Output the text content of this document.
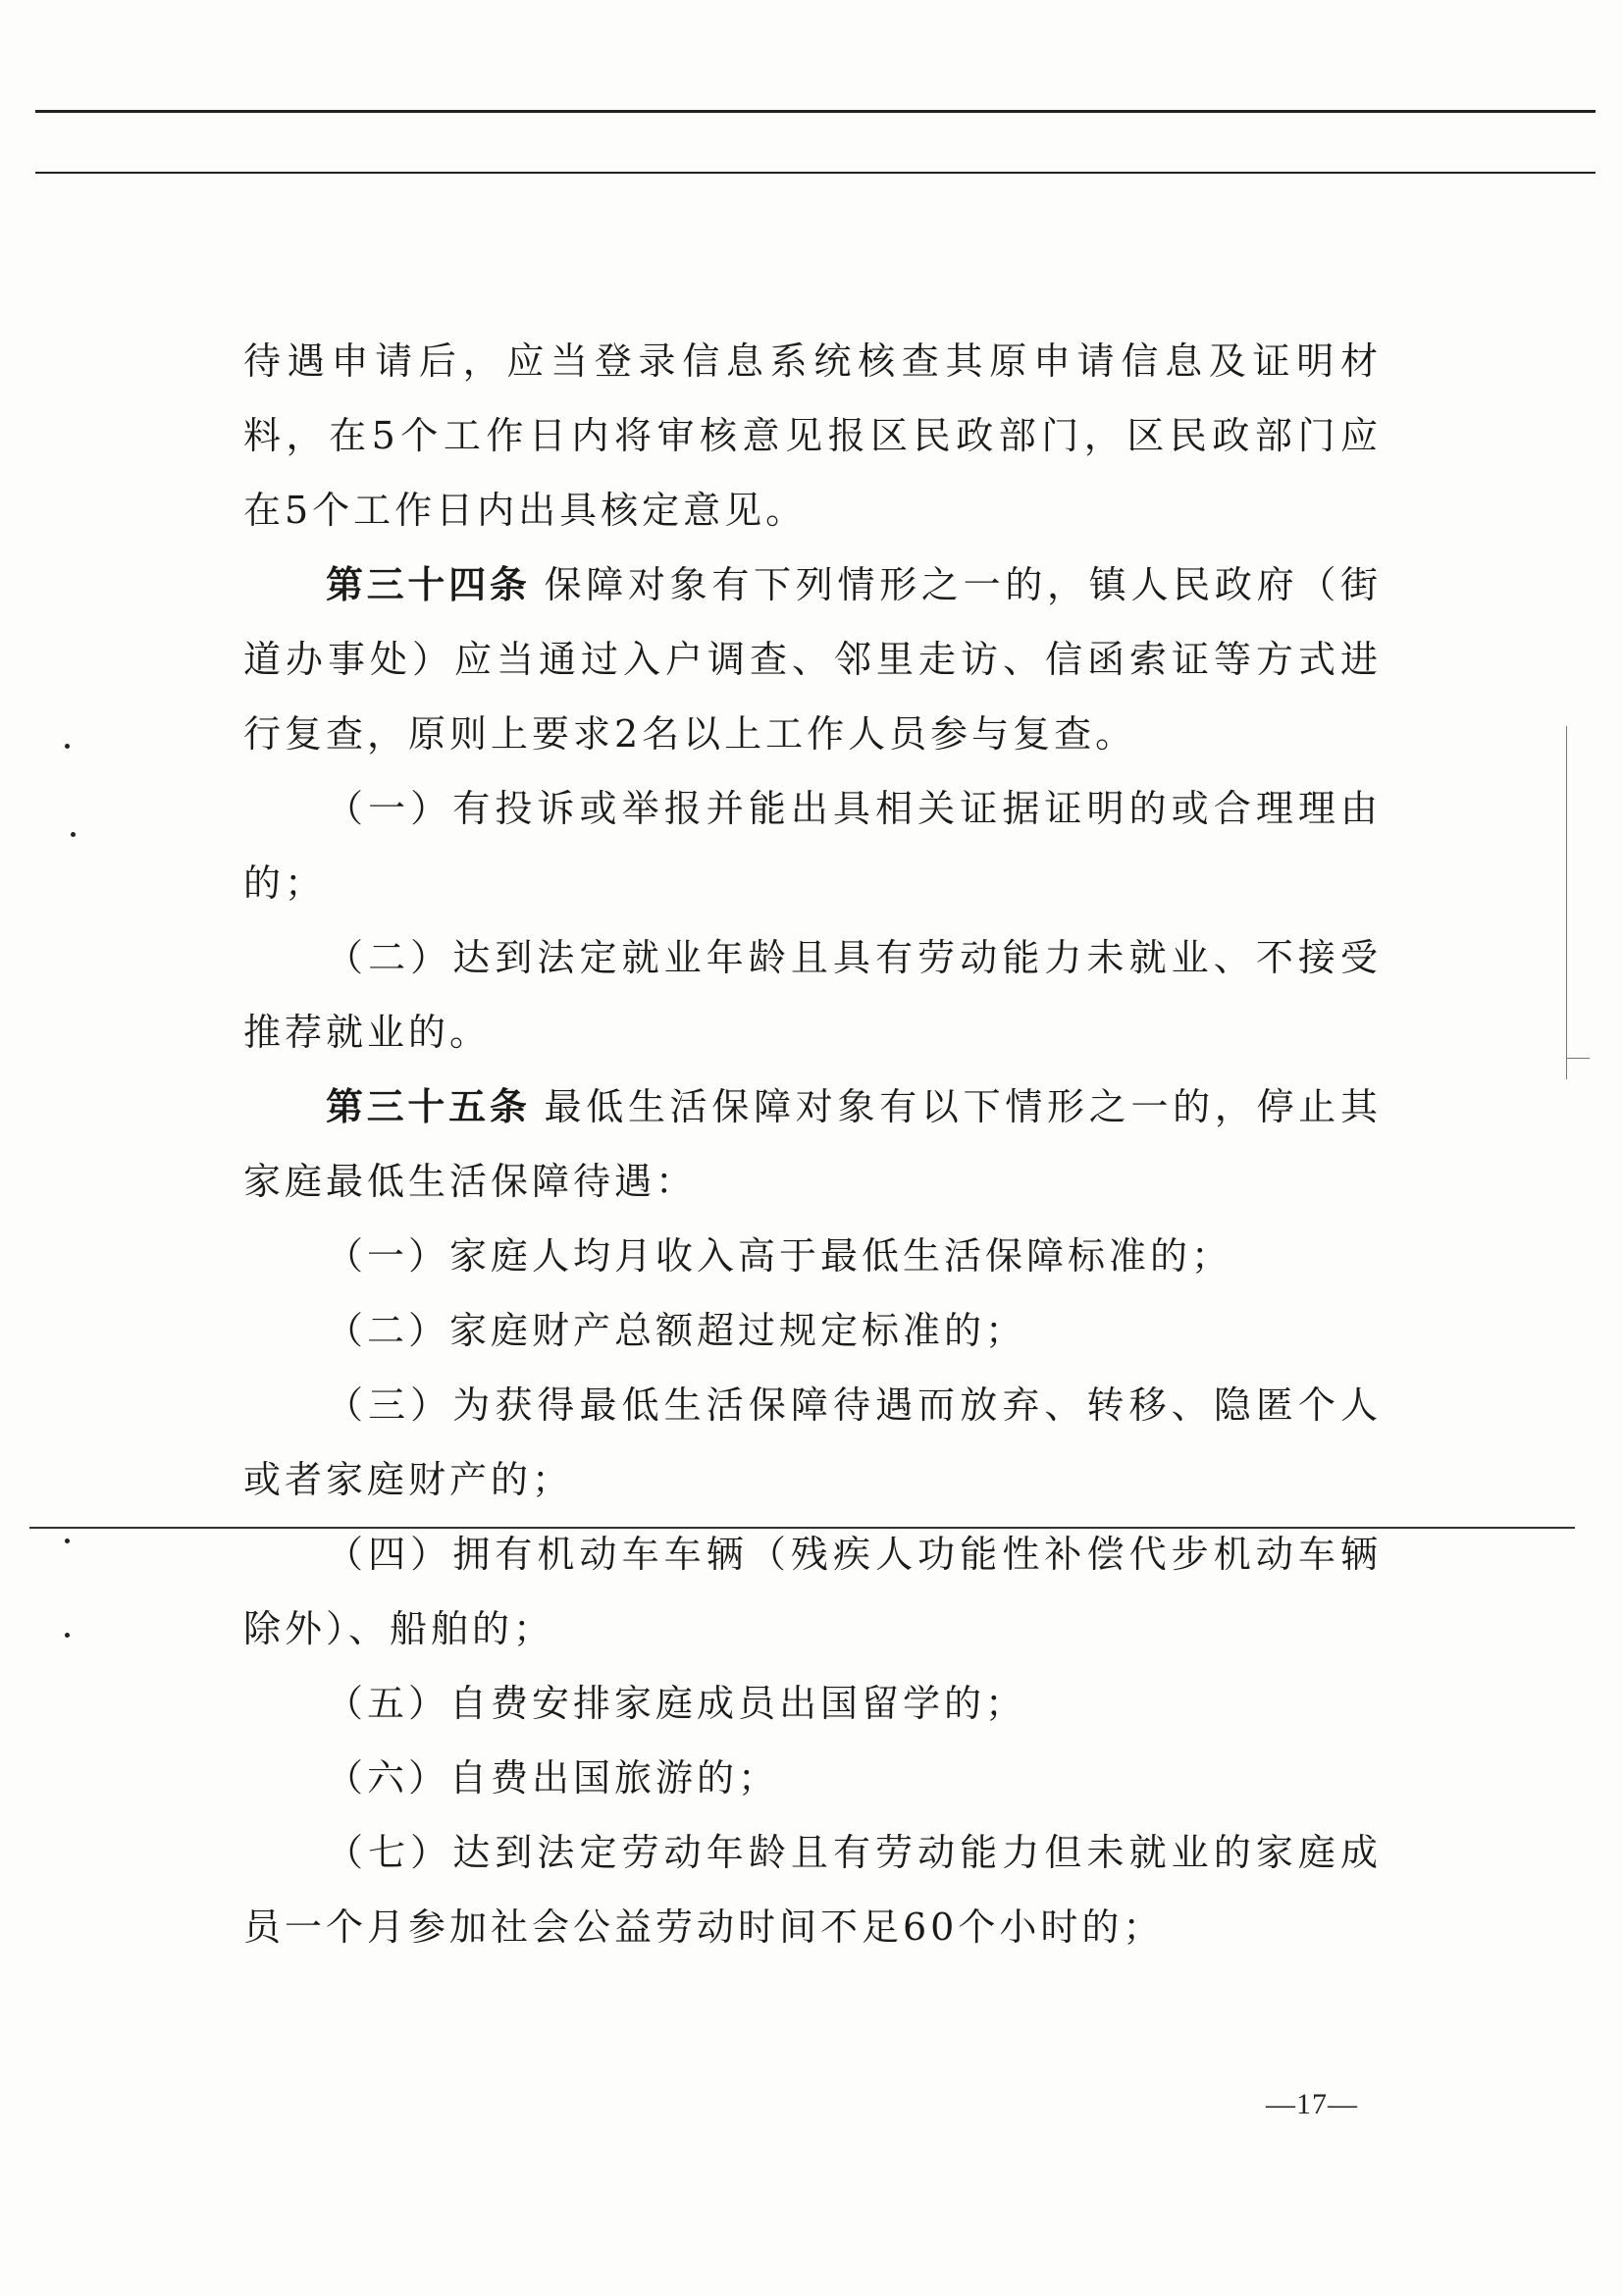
待遇申请后，应当登录信息系统核查其原申请信息及证明材料，在5个工作日内将审核意见报区民政部门，区民政部门应在5个工作日内出具核定意见。

第三十四条 保障对象有下列情形之一的，镇人民政府（街道办事处）应当通过入户调查、邻里走访、信函索证等方式进行复查，原则上要求2名以上工作人员参与复查。

（一）有投诉或举报并能出具相关证据证明的或合理理由的；

（二）达到法定就业年龄且具有劳动能力未就业、不接受推荐就业的。

第三十五条 最低生活保障对象有以下情形之一的，停止其家庭最低生活保障待遇：

（一）家庭人均月收入高于最低生活保障标准的；

（二）家庭财产总额超过规定标准的；

（三）为获得最低生活保障待遇而放弃、转移、隐匿个人或者家庭财产的；

（四）拥有机动车车辆（残疾人功能性补偿代步机动车辆除外）、船舶的；

（五）自费安排家庭成员出国留学的；

（六）自费出国旅游的；

（七）达到法定劳动年龄且有劳动能力但未就业的家庭成员一个月参加社会公益劳动时间不足60个小时的；

—17—
